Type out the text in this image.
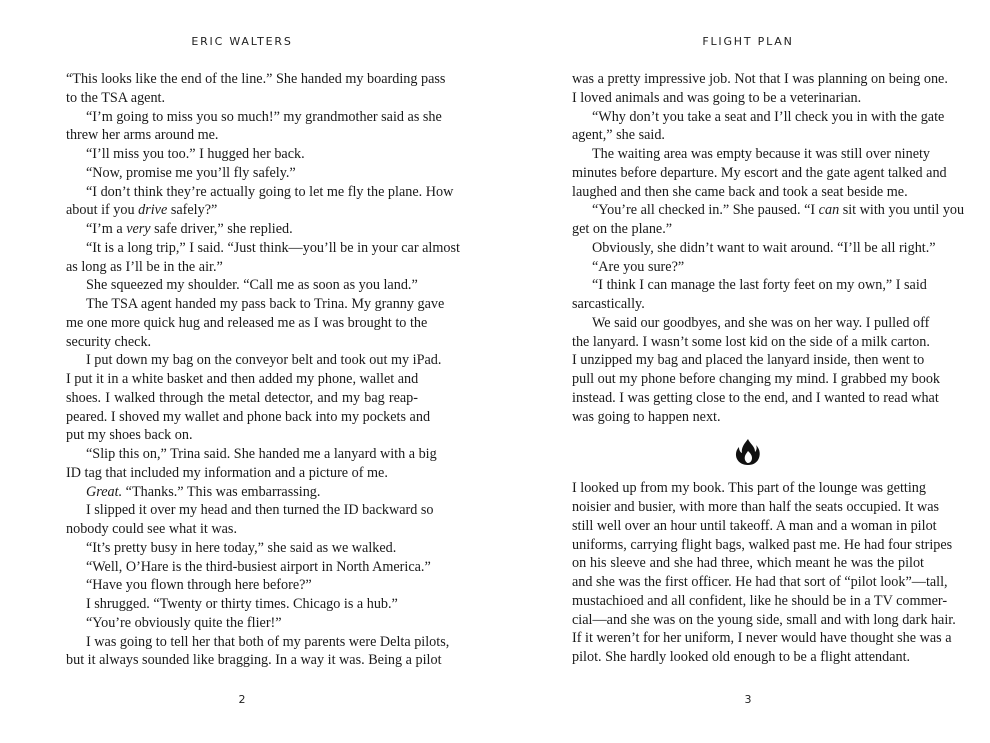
ERIC WALTERS
“This looks like the end of the line.” She handed my boarding pass
to the TSA agent.
“I’m going to miss you so much!” my grandmother said as she
threw her arms around me.
“I’ll miss you too.” I hugged her back.
“Now, promise me you’ll fly safely.”
“I don’t think they’re actually going to let me fly the plane. How
about if you drive safely?”
“I’m a very safe driver,” she replied.
“It is a long trip,” I said. “Just think—you’ll be in your car almost
as long as I’ll be in the air.”
She squeezed my shoulder. “Call me as soon as you land.”
The TSA agent handed my pass back to Trina. My granny gave
me one more quick hug and released me as I was brought to the
security check.
I put down my bag on the conveyor belt and took out my iPad.
I put it in a white basket and then added my phone, wallet and
shoes. I walked through the metal detector, and my bag reap-
peared. I shoved my wallet and phone back into my pockets and
put my shoes back on.
“Slip this on,” Trina said. She handed me a lanyard with a big
ID tag that included my information and a picture of me.
Great. “Thanks.” This was embarrassing.
I slipped it over my head and then turned the ID backward so
nobody could see what it was.
“It’s pretty busy in here today,” she said as we walked.
“Well, O’Hare is the third-busiest airport in North America.”
“Have you flown through here before?”
I shrugged. “Twenty or thirty times. Chicago is a hub.”
“You’re obviously quite the flier!”
I was going to tell her that both of my parents were Delta pilots,
but it always sounded like bragging. In a way it was. Being a pilot
2
FLIGHT PLAN
was a pretty impressive job. Not that I was planning on being one.
I loved animals and was going to be a veterinarian.
“Why don’t you take a seat and I’ll check you in with the gate
agent,” she said.
The waiting area was empty because it was still over ninety
minutes before departure. My escort and the gate agent talked and
laughed and then she came back and took a seat beside me.
“You’re all checked in.” She paused. “I can sit with you until you
get on the plane.”
Obviously, she didn’t want to wait around. “I’ll be all right.”
“Are you sure?”
“I think I can manage the last forty feet on my own,” I said
sarcastically.
We said our goodbyes, and she was on her way. I pulled off
the lanyard. I wasn’t some lost kid on the side of a milk carton.
I unzipped my bag and placed the lanyard inside, then went to
pull out my phone before changing my mind. I grabbed my book
instead. I was getting close to the end, and I wanted to read what
was going to happen next.
I looked up from my book. This part of the lounge was getting
noisier and busier, with more than half the seats occupied. It was
still well over an hour until takeoff. A man and a woman in pilot
uniforms, carrying flight bags, walked past me. He had four stripes
on his sleeve and she had three, which meant he was the pilot
and she was the first officer. He had that sort of “pilot look”—tall,
mustachioed and all confident, like he should be in a TV commer-
cial—and she was on the young side, small and with long dark hair.
If it weren’t for her uniform, I never would have thought she was a
pilot. She hardly looked old enough to be a flight attendant.
3
